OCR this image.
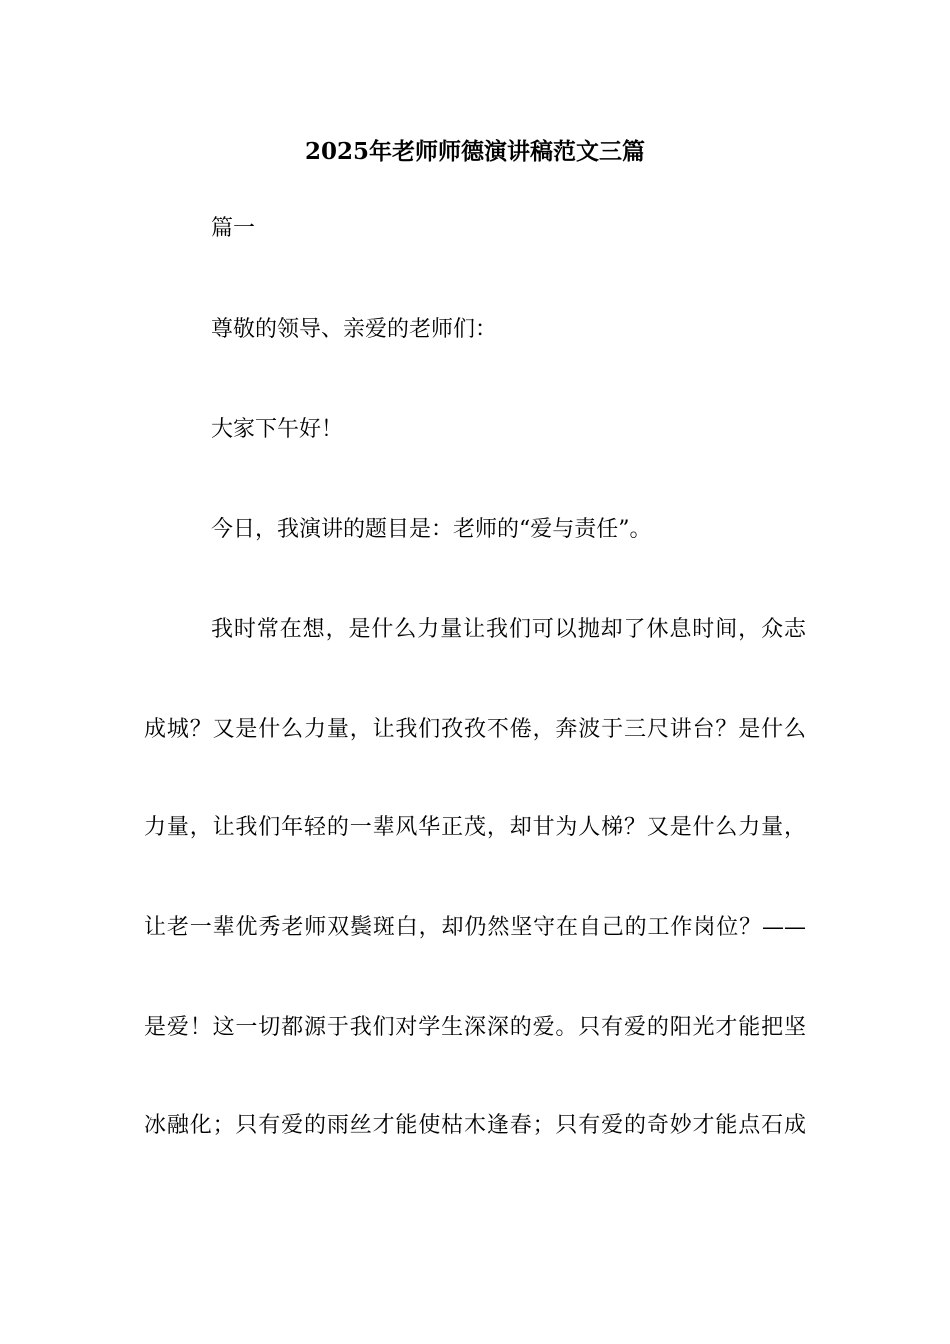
2025年老师师德演讲稿范文三篇
篇一
尊敬的领导、亲爱的老师们：
大家下午好！
今日，我演讲的题目是：老师的“爱与责任”。
我时常在想，是什么力量让我们可以抛却了休息时间，众志
成城？又是什么力量，让我们孜孜不倦，奔波于三尺讲台？是什么
力量，让我们年轻的一辈风华正茂，却甘为人梯？又是什么力量，
让老一辈优秀老师双鬓斑白，却仍然坚守在自己的工作岗位？——
是爱！这一切都源于我们对学生深深的爱。只有爱的阳光才能把坚
冰融化；只有爱的雨丝才能使枯木逢春；只有爱的奇妙才能点石成
